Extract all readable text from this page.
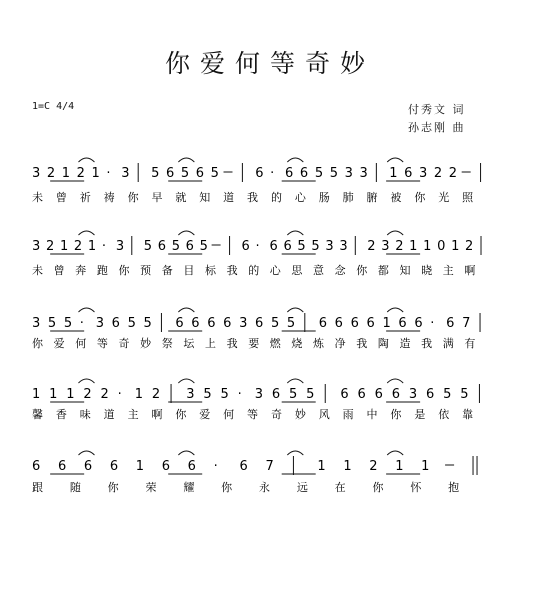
你爱何等奇妙
1=C 4/4	付秀文 词
孙志刚 曲
3 2 1 2 1 · 3 5 6 5 6 5	6 · 6 6 5 5 3 3 1 6 3 2 2
未 曾 祈 祷 你 早 就 知 道 我 的 心 肠 肺 腑 被 你 光 照
3 2 1 2 1 · 3 5 6 5 6 5	6 · 6 6 5 5 3 3 2 3 2 1 1 0 1 2
未 曾 奔 跑 你 预 备 目 标 我 的 心 思 意 念 你 都 知 晓 主 啊
3 5 5 · 3 6 5 5 6 6 6 6 3 6 5 5 6 6 6 6 1 6 6 · 6 7
你 爱 何 等 奇 妙 祭 坛 上 我 要 燃 烧 炼 净 我 陶 造 我 满 有
1 1 1 2 2 · 1 2 3 5 5 · 3 6 5 5 6 6 6 6 3 6 5 5
馨 香 味 道 主 啊 你 爱 何 等 奇 妙 风 雨 中 你 是 依 靠
6 6 6 6 1 6 6 · 6 7	1 1 2 1 1
跟 随 你 荣 耀 你 永 远 在 你 怀 抱
